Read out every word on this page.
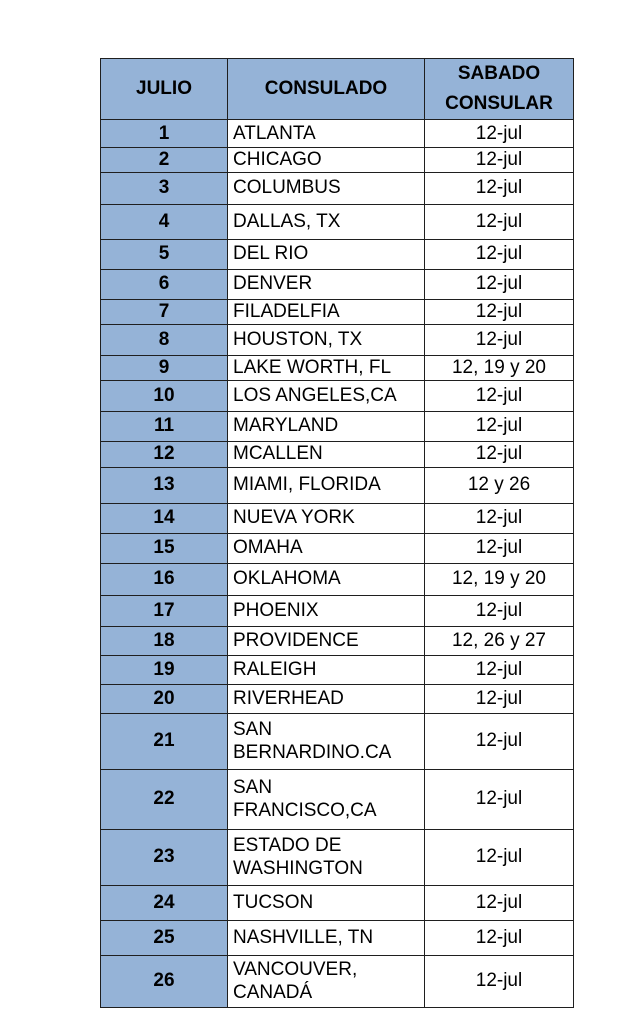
JULIO	CONSULADO	SABADO
CONSULAR

1	ATLANTA	12-jul
2	CHICAGO	12-jul
3	COLUMBUS	12-jul
4	DALLAS, TX	12-jul
5	DEL RIO	12-jul
6	DENVER	12-jul
7	FILADELFIA	12-jul
8	HOUSTON, TX	12-jul
9	LAKE WORTH, FL	12, 19 y 20
10	LOS ANGELES,CA	12-jul
11	MARYLAND	12-jul
12	MCALLEN	12-jul
13	MIAMI, FLORIDA	12 y 26
14	NUEVA YORK	12-jul
15	OMAHA	12-jul
16	OKLAHOMA	12, 19 y 20
17	PHOENIX	12-jul
18	PROVIDENCE	12, 26 y 27
19	RALEIGH	12-jul
20	RIVERHEAD	12-jul
21	SAN
BERNARDINO.CA	12-jul
22	SAN
FRANCISCO,CA	12-jul
23	ESTADO DE
WASHINGTON	12-jul
24	TUCSON	12-jul
25	NASHVILLE, TN	12-jul
26	VANCOUVER,
CANADÁ	12-jul
